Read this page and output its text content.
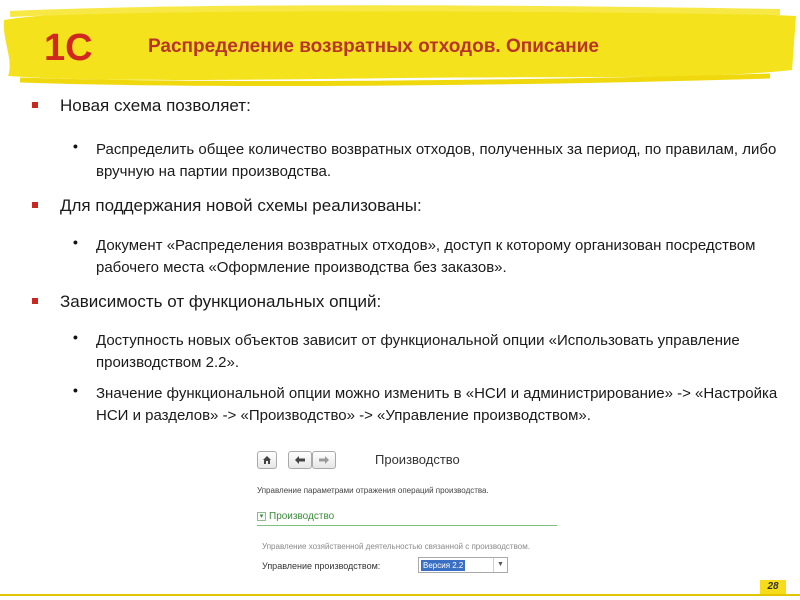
1C	Распределение возвратных отходов. Описание
Новая схема позволяет:
• Распределить общее количество возвратных отходов, полученных за период, по правилам, либо вручную на партии производства.
Для поддержания новой схемы реализованы:
• Документ «Распределения возвратных отходов», доступ к которому организован посредством рабочего места «Оформление производства без заказов».
Зависимость от функциональных опций:
• Доступность новых объектов зависит от функциональной опции «Использовать управление производством 2.2».
• Значение функциональной опции можно изменить в «НСИ и администрирование» -> «Настройка НСИ и разделов» -> «Производство» -> «Управление производством».
Производство
Управление параметрами отражения операций производства.
▾ Производство
Управление хозяйственной деятельностью связанной с производством.
Управление производством:	Версия 2.2	▼
28
